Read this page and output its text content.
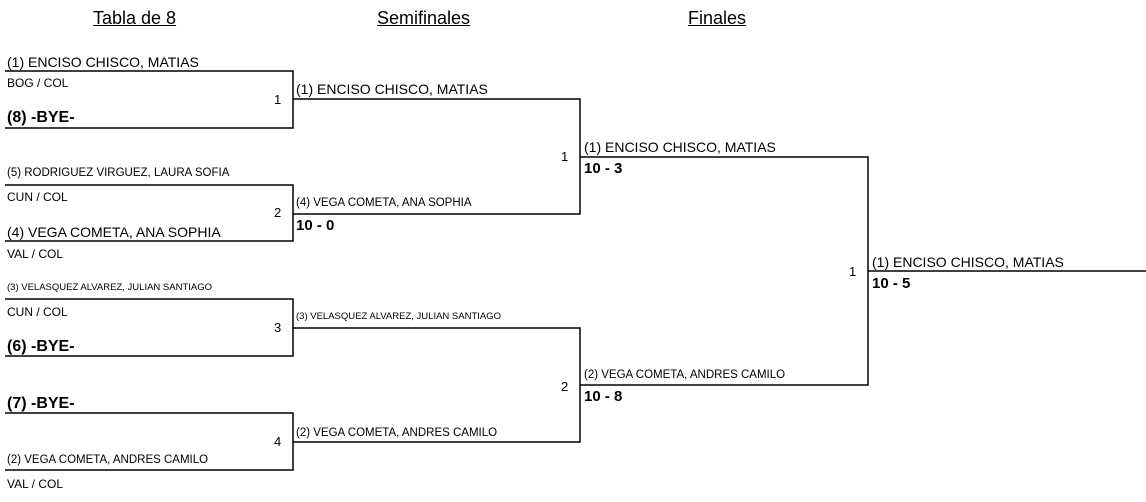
Tabla de 8	Semifinales	Finales
(1) ENCISO CHISCO, MATIAS
BOG / COL
1
(8) -BYE-
(5) RODRIGUEZ VIRGUEZ, LAURA SOFIA
CUN / COL
2
(4) VEGA COMETA, ANA SOPHIA
VAL / COL
(3) VELASQUEZ ALVAREZ, JULIAN SANTIAGO
CUN / COL
3
(6) -BYE-
(7) -BYE-
4
(2) VEGA COMETA, ANDRES CAMILO
VAL / COL
(1) ENCISO CHISCO, MATIAS
1
(4) VEGA COMETA, ANA SOPHIA
10 - 0
(3) VELASQUEZ ALVAREZ, JULIAN SANTIAGO
2
(2) VEGA COMETA, ANDRES CAMILO
(1) ENCISO CHISCO, MATIAS
10 - 3
(2) VEGA COMETA, ANDRES CAMILO
10 - 8
1
(1) ENCISO CHISCO, MATIAS
10 - 5
